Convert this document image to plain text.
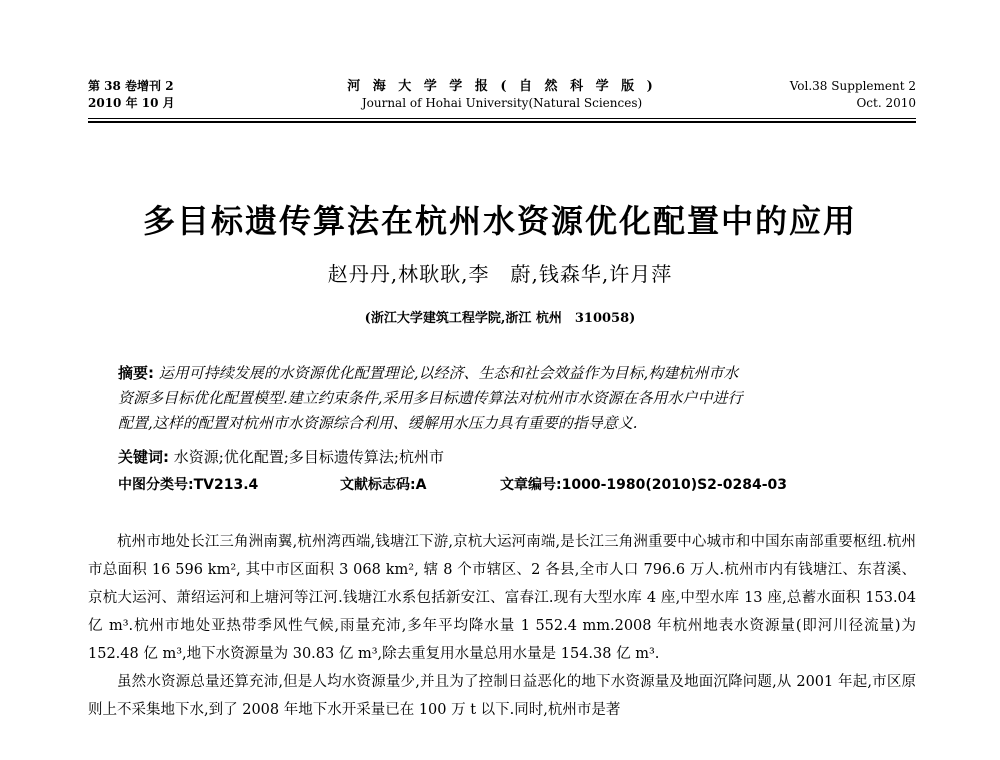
第 38 卷增刊 2
2010 年 10 月
河 海 大 学 学 报 ( 自 然 科 学 版 )
Journal of Hohai University(Natural Sciences)
Vol.38 Supplement 2
Oct. 2010
多目标遗传算法在杭州水资源优化配置中的应用
赵丹丹,林耿耿,李　蔚,钱森华,许月萍
(浙江大学建筑工程学院,浙江 杭州　310058)
摘要: 运用可持续发展的水资源优化配置理论,以经济、生态和社会效益作为目标,构建杭州市水
资源多目标优化配置模型.建立约束条件,采用多目标遗传算法对杭州市水资源在各用水户中进行
配置,这样的配置对杭州市水资源综合利用、缓解用水压力具有重要的指导意义.
关键词: 水资源;优化配置;多目标遗传算法;杭州市
中图分类号:TV213.4	文献标志码:A	文章编号:1000-1980(2010)S2-0284-03

杭州市地处长江三角洲南翼,杭州湾西端,钱塘江下游,京杭大运河南端,是长江三角洲重要中心城市和中国东南部重要枢纽.杭州市总面积 16 596 km², 其中市区面积 3 068 km², 辖 8 个市辖区、2 各县,全市人口 796.6 万人.杭州市内有钱塘江、东苕溪、京杭大运河、萧绍运河和上塘河等江河.钱塘江水系包括新安江、富春江.现有大型水库 4 座,中型水库 13 座,总蓄水面积 153.04 亿 m³.杭州市地处亚热带季风性气候,雨量充沛,多年平均降水量 1 552.4 mm.2008 年杭州地表水资源量(即河川径流量)为 152.48 亿 m³,地下水资源量为 30.83 亿 m³,除去重复用水量总用水量是 154.38 亿 m³.

虽然水资源总量还算充沛,但是人均水资源量少,并且为了控制日益恶化的地下水资源量及地面沉降问题,从 2001 年起,市区原则上不采集地下水,到了 2008 年地下水开采量已在 100 万 t 以下.同时,杭州市是著
